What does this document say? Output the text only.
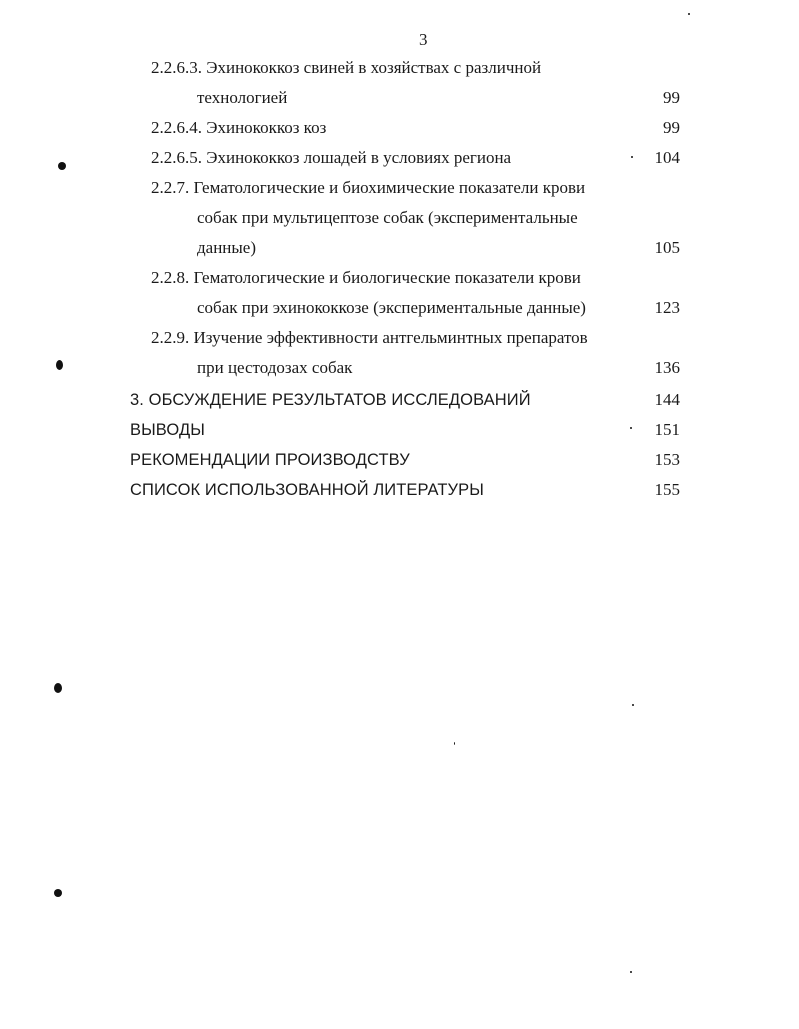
3
2.2.6.3. Эхинококкоз свиней в хозяйствах с различной
технологией	99
2.2.6.4. Эхинококкоз коз	99
2.2.6.5. Эхинококкоз лошадей в условиях региона	104
2.2.7. Гематологические и биохимические показатели крови
собак при мультицептозе собак (экспериментальные
данные)	105
2.2.8. Гематологические и биологические показатели крови
собак при эхинококкозе (экспериментальные данные)	123
2.2.9. Изучение эффективности антгельминтных препаратов
при цестодозах собак	136
3. ОБСУЖДЕНИЕ РЕЗУЛЬТАТОВ ИССЛЕДОВАНИЙ	144
ВЫВОДЫ	151
РЕКОМЕНДАЦИИ ПРОИЗВОДСТВУ	153
СПИСОК ИСПОЛЬЗОВАННОЙ ЛИТЕРАТУРЫ	155
